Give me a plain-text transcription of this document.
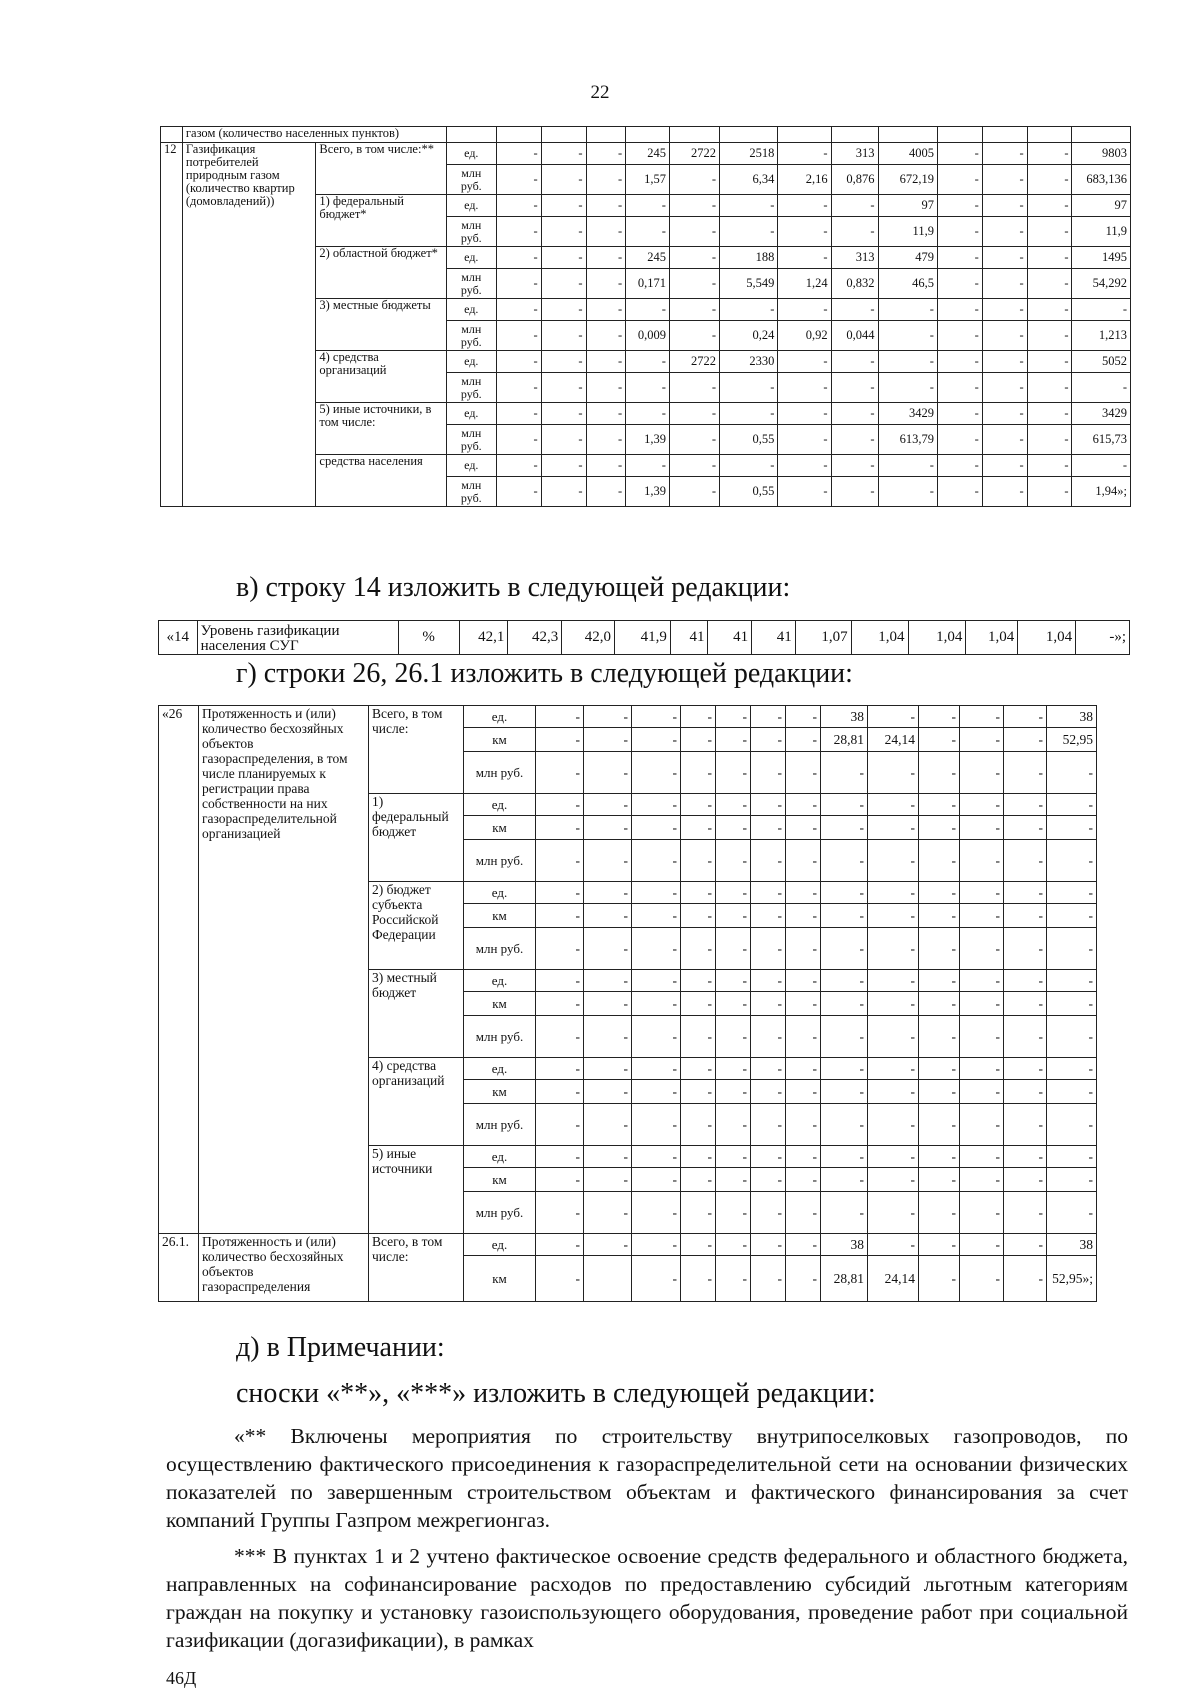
22
	газом (количество населенных пунктов)															
12	Газификация потребителей природным газом (количество квартир (домовладений))	Всего, в том числе:**	ед.	-	-	-	245	2722	2518	-	313	4005	-	-	-	9803
			млн руб.	-	-	-	1,57	-	6,34	2,16	0,876	672,19	-	-	-	683,136
		1) федеральный бюджет*	ед.	-	-	-	-	-	-	-	-	97	-	-	-	97
			млн руб.	-	-	-	-	-	-	-	-	11,9	-	-	-	11,9
		2) областной бюджет*	ед.	-	-	-	245	-	188	-	313	479	-	-	-	1495
			млн руб.	-	-	-	0,171	-	5,549	1,24	0,832	46,5	-	-	-	54,292
		3) местные бюджеты	ед.	-	-	-	-	-	-	-	-	-	-	-	-	-
			млн руб.	-	-	-	0,009	-	0,24	0,92	0,044	-	-	-	-	1,213
		4) средства организаций	ед.	-	-	-	-	2722	2330	-	-	-	-	-	-	5052
			млн руб.	-	-	-	-	-	-	-	-	-	-	-	-	-
		5) иные источники, в том числе:	ед.	-	-	-	-	-	-	-	-	3429	-	-	-	3429
			млн руб.	-	-	-	1,39	-	0,55	-	-	613,79	-	-	-	615,73
		средства населения	ед.	-	-	-	-	-	-	-	-	-	-	-	-	-
			млн руб.	-	-	-	1,39	-	0,55	-	-	-	-	-	-	1,94»;
в) строку 14 изложить в следующей редакции:
«14	Уровень газификации населения СУГ	%	42,1	42,3	42,0	41,9	41	41	41	1,07	1,04	1,04	1,04	1,04	-»;
г) строки 26, 26.1 изложить в следующей редакции:
«26	Протяженность и (или) количество бесхозяйных объектов газораспределения, в том числе планируемых к регистрации права собственности на них газораспределительной организацией	Всего, в том числе:	ед.	-	-	-	-	-	-	-	38	-	-	-	-	38
			км	-	-	-	-	-	-	-	28,81	24,14	-	-	-	52,95
			млн руб.	-	-	-	-	-	-	-	-	-	-	-	-	-
		1) федеральный бюджет	ед.	-	-	-	-	-	-	-	-	-	-	-	-	-
			км	-	-	-	-	-	-	-	-	-	-	-	-	-
			млн руб.	-	-	-	-	-	-	-	-	-	-	-	-	-
		2) бюджет субъекта Российской Федерации	ед.	-	-	-	-	-	-	-	-	-	-	-	-	-
			км	-	-	-	-	-	-	-	-	-	-	-	-	-
			млн руб.	-	-	-	-	-	-	-	-	-	-	-	-	-
		3) местный бюджет	ед.	-	-	-	-	-	-	-	-	-	-	-	-	-
			км	-	-	-	-	-	-	-	-	-	-	-	-	-
			млн руб.	-	-	-	-	-	-	-	-	-	-	-	-	-
		4) средства организаций	ед.	-	-	-	-	-	-	-	-	-	-	-	-	-
			км	-	-	-	-	-	-	-	-	-	-	-	-	-
			млн руб.	-	-	-	-	-	-	-	-	-	-	-	-	-
		5) иные источники	ед.	-	-	-	-	-	-	-	-	-	-	-	-	-
			км	-	-	-	-	-	-	-	-	-	-	-	-	-
			млн руб.	-	-	-	-	-	-	-	-	-	-	-	-	-
26.1.	Протяженность и (или) количество бесхозяйных объектов газораспределения	Всего, в том числе:	ед.	-	-	-	-	-	-	-	38	-	-	-	-	38
			км	-		-	-	-	-	-	28,81	24,14	-	-	-	52,95»;
д) в Примечании:
сноски «**», «***» изложить в следующей редакции:

«** Включены мероприятия по строительству внутрипоселковых газопроводов, по осуществлению фактического присоединения к газораспределительной сети на основании физических показателей по завершенным строительством объектам и фактического финансирования за счет компаний Группы Газпром межрегионгаз.

*** В пунктах 1 и 2 учтено фактическое освоение средств федерального и областного бюджета, направленных на софинансирование расходов по предоставлению субсидий льготным категориям граждан на покупку и установку газоиспользующего оборудования, проведение работ при социальной газификации (догазификации), в рамках

46Д
